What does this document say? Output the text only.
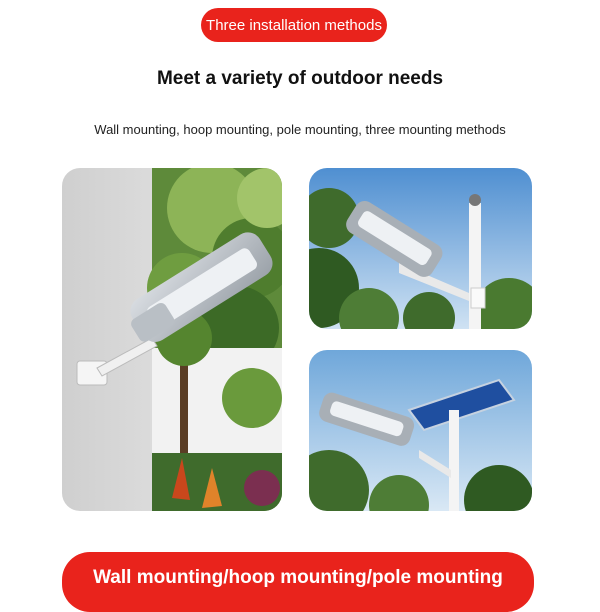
Three installation methods
Meet a variety of outdoor needs
Wall mounting, hoop mounting, pole mounting, three mounting methods
Wall mounting/hoop mounting/pole mounting
